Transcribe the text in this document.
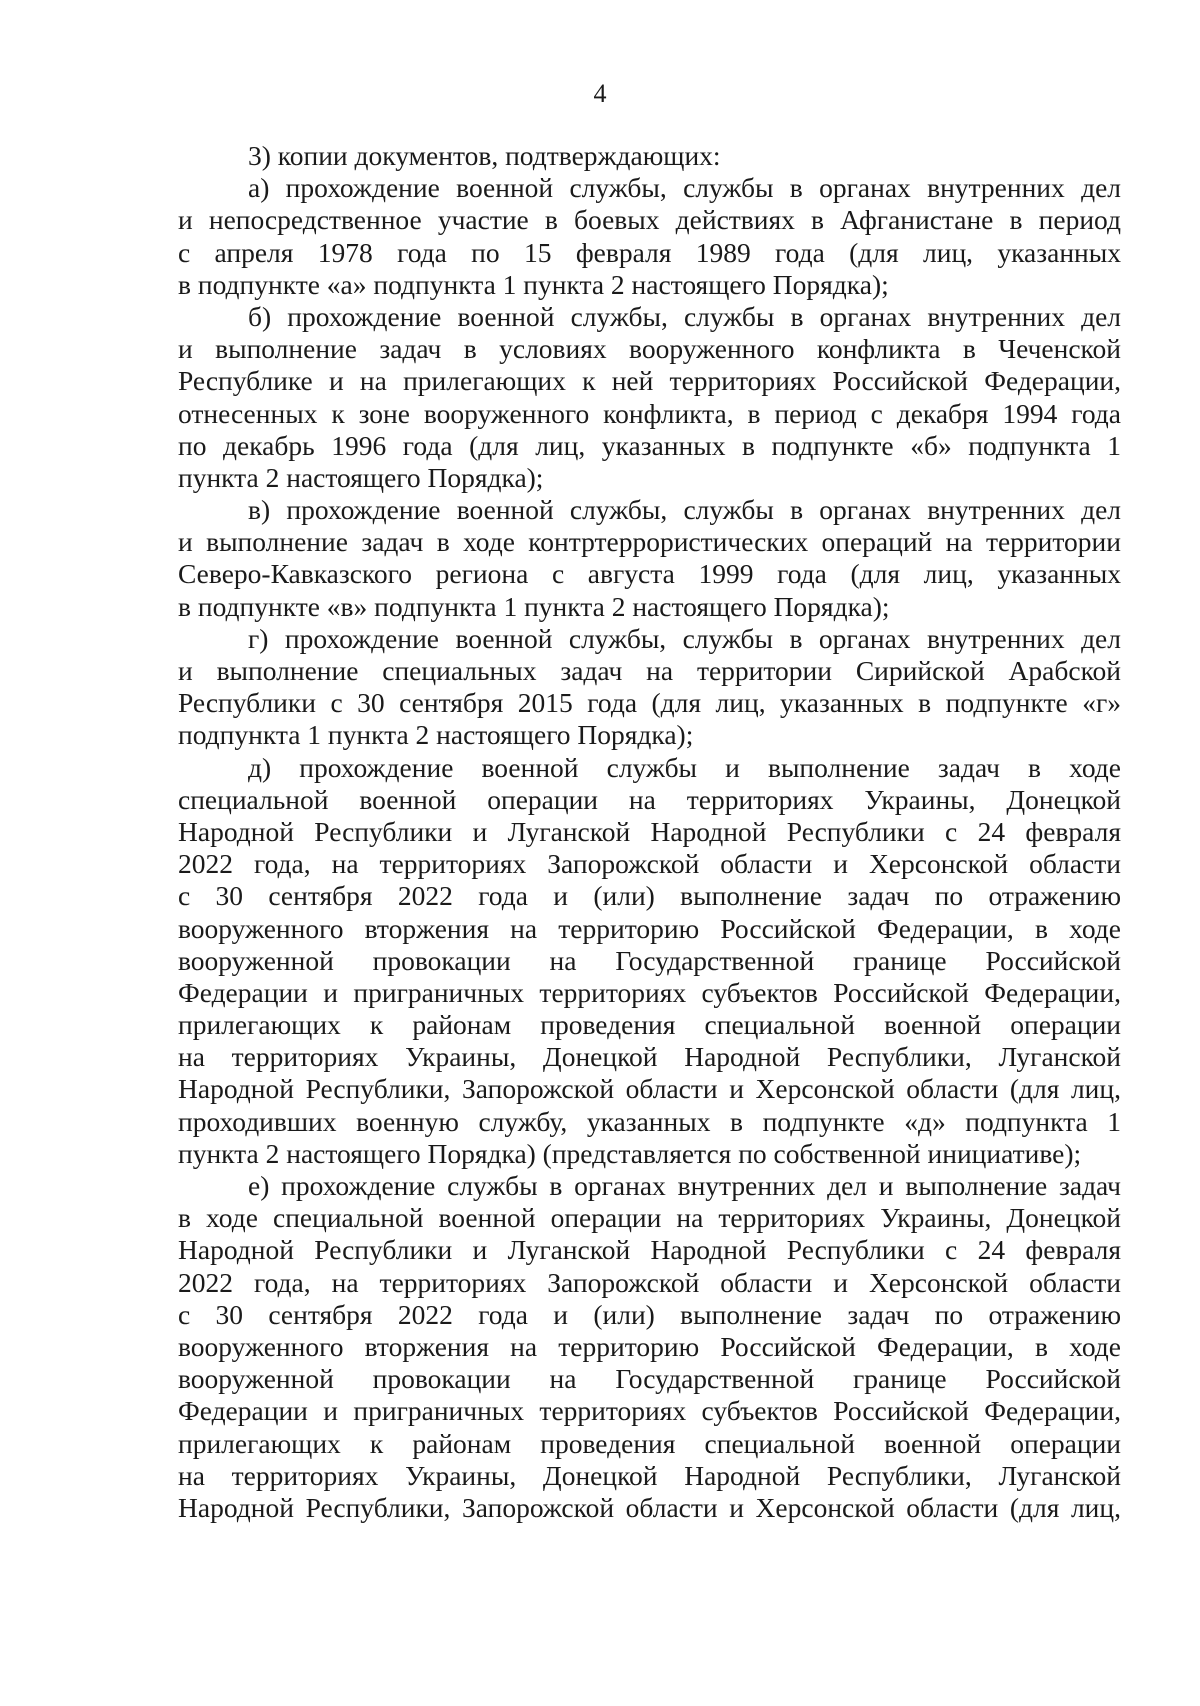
4
3) копии документов, подтверждающих:
а) прохождение военной службы, службы в органах внутренних дел
и непосредственное участие в боевых действиях в Афганистане в период
с апреля 1978 года по 15 февраля 1989 года (для лиц, указанных
в подпункте «а» подпункта 1 пункта 2 настоящего Порядка);
б) прохождение военной службы, службы в органах внутренних дел
и выполнение задач в условиях вооруженного конфликта в Чеченской
Республике и на прилегающих к ней территориях Российской Федерации,
отнесенных к зоне вооруженного конфликта, в период с декабря 1994 года
по декабрь 1996 года (для лиц, указанных в подпункте «б» подпункта 1
пункта 2 настоящего Порядка);
в) прохождение военной службы, службы в органах внутренних дел
и выполнение задач в ходе контртеррористических операций на территории
Северо-Кавказского региона с августа 1999 года (для лиц, указанных
в подпункте «в» подпункта 1 пункта 2 настоящего Порядка);
г) прохождение военной службы, службы в органах внутренних дел
и выполнение специальных задач на территории Сирийской Арабской
Республики с 30 сентября 2015 года (для лиц, указанных в подпункте «г»
подпункта 1 пункта 2 настоящего Порядка);
д) прохождение военной службы и выполнение задач в ходе
специальной военной операции на территориях Украины, Донецкой
Народной Республики и Луганской Народной Республики с 24 февраля
2022 года, на территориях Запорожской области и Херсонской области
с 30 сентября 2022 года и (или) выполнение задач по отражению
вооруженного вторжения на территорию Российской Федерации, в ходе
вооруженной провокации на Государственной границе Российской
Федерации и приграничных территориях субъектов Российской Федерации,
прилегающих к районам проведения специальной военной операции
на территориях Украины, Донецкой Народной Республики, Луганской
Народной Республики, Запорожской области и Херсонской области (для лиц,
проходивших военную службу, указанных в подпункте «д» подпункта 1
пункта 2 настоящего Порядка) (представляется по собственной инициативе);
е) прохождение службы в органах внутренних дел и выполнение задач
в ходе специальной военной операции на территориях Украины, Донецкой
Народной Республики и Луганской Народной Республики с 24 февраля
2022 года, на территориях Запорожской области и Херсонской области
с 30 сентября 2022 года и (или) выполнение задач по отражению
вооруженного вторжения на территорию Российской Федерации, в ходе
вооруженной провокации на Государственной границе Российской
Федерации и приграничных территориях субъектов Российской Федерации,
прилегающих к районам проведения специальной военной операции
на территориях Украины, Донецкой Народной Республики, Луганской
Народной Республики, Запорожской области и Херсонской области (для лиц,
